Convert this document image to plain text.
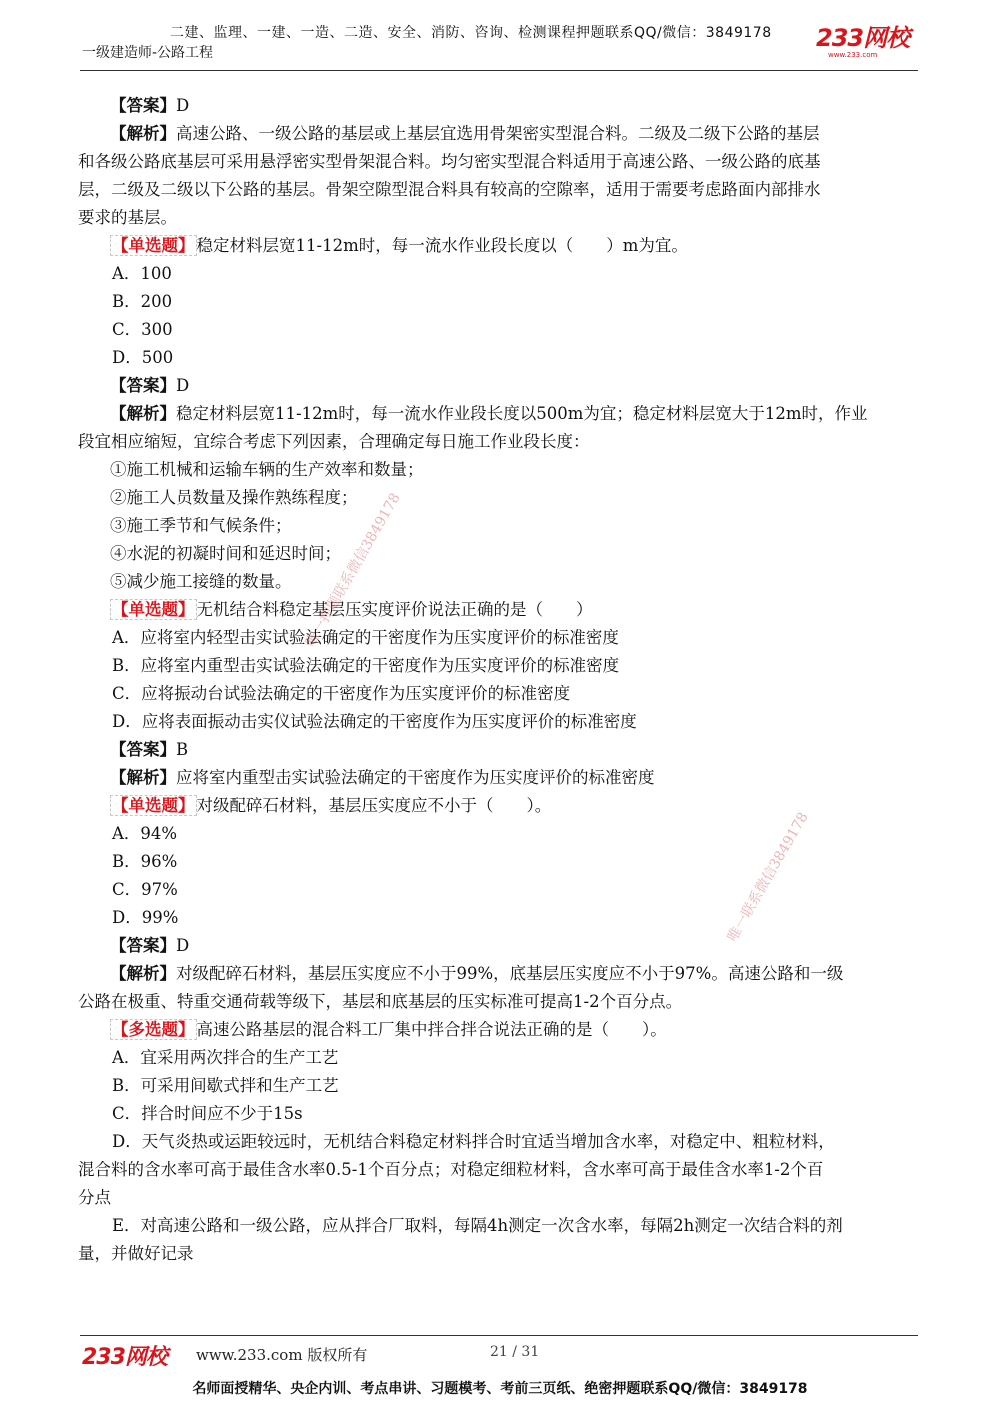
二建、监理、一建、一造、二造、安全、消防、咨询、检测课程押题联系QQ/微信：3849178
一级建造师-公路工程
233网校
www.233.com
【答案】D
【解析】高速公路、一级公路的基层或上基层宜选用骨架密实型混合料。二级及二级下公路的基层
和各级公路底基层可采用悬浮密实型骨架混合料。均匀密实型混合料适用于高速公路、一级公路的底基
层，二级及二级以下公路的基层。骨架空隙型混合料具有较高的空隙率，适用于需要考虑路面内部排水
要求的基层。
【单选题】 稳定材料层宽11-12m时，每一流水作业段长度以（　　）m为宜。
A．100
B．200
C．300
D．500
【答案】D
【解析】稳定材料层宽11-12m时，每一流水作业段长度以500m为宜；稳定材料层宽大于12m时，作业
段宜相应缩短，宜综合考虑下列因素，合理确定每日施工作业段长度：
①施工机械和运输车辆的生产效率和数量；
②施工人员数量及操作熟练程度；
③施工季节和气候条件；
④水泥的初凝时间和延迟时间；
⑤减少施工接缝的数量。
【单选题】 无机结合料稳定基层压实度评价说法正确的是（　　）
A．应将室内轻型击实试验法确定的干密度作为压实度评价的标准密度
B．应将室内重型击实试验法确定的干密度作为压实度评价的标准密度
C．应将振动台试验法确定的干密度作为压实度评价的标准密度
D．应将表面振动击实仪试验法确定的干密度作为压实度评价的标准密度
【答案】B
【解析】应将室内重型击实试验法确定的干密度作为压实度评价的标准密度
【单选题】 对级配碎石材料，基层压实度应不小于（　　）。
A．94%
B．96%
C．97%
D．99%
【答案】D
【解析】对级配碎石材料，基层压实度应不小于99%，底基层压实度应不小于97%。高速公路和一级
公路在极重、特重交通荷载等级下，基层和底基层的压实标准可提高1-2个百分点。
【多选题】 高速公路基层的混合料工厂集中拌合拌合说法正确的是（　　）。
A．宜采用两次拌合的生产工艺
B．可采用间歇式拌和生产工艺
C．拌合时间应不少于15s
D．天气炎热或运距较远时，无机结合料稳定材料拌合时宜适当增加含水率，对稳定中、粗粒材料，
混合料的含水率可高于最佳含水率0.5-1个百分点；对稳定细粒材料，含水率可高于最佳含水率1-2个百
分点
E．对高速公路和一级公路，应从拌合厂取料，每隔4h测定一次含水率，每隔2h测定一次结合料的剂
量，并做好记录
唯一押题联系微信3849178
唯一联系微信3849178
233网校 www.233.com 版权所有	21 / 31
名师面授精华、央企内训、考点串讲、习题模考、考前三页纸、绝密押题联系QQ/微信：3849178
